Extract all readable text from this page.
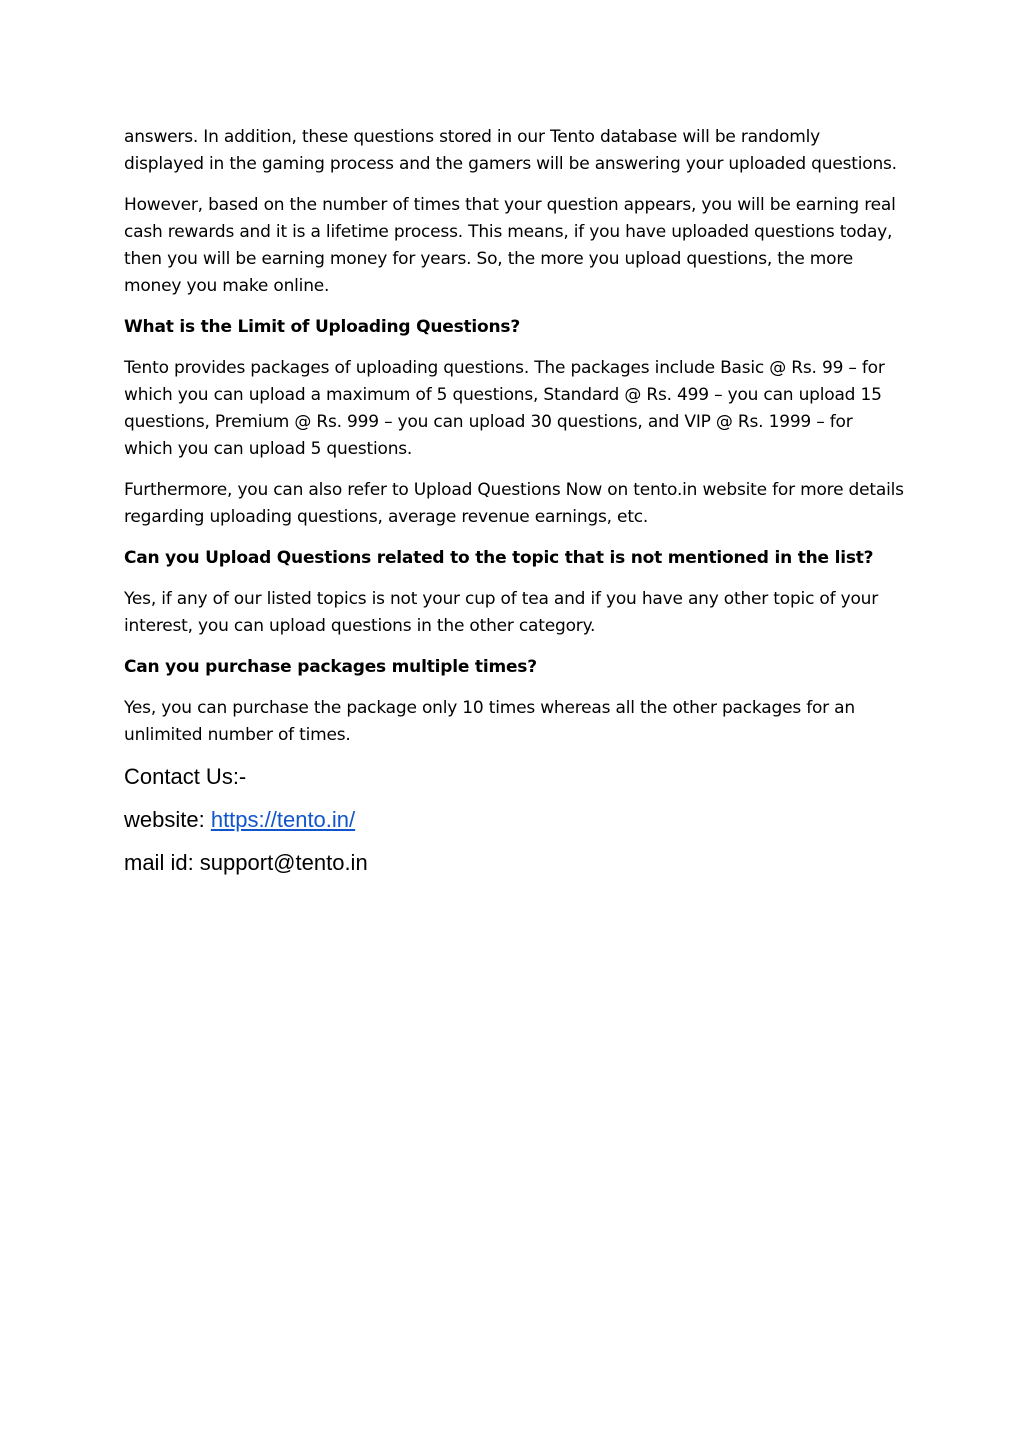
answers. In addition, these questions stored in our Tento database will be randomly displayed in the gaming process and the gamers will be answering your uploaded questions.

However, based on the number of times that your question appears, you will be earning real cash rewards and it is a lifetime process. This means, if you have uploaded questions today, then you will be earning money for years. So, the more you upload questions, the more money you make online.

What is the Limit of Uploading Questions?

Tento provides packages of uploading questions. The packages include Basic @ Rs. 99 – for which you can upload a maximum of 5 questions, Standard @ Rs. 499 – you can upload 15 questions, Premium @ Rs. 999 – you can upload 30 questions, and VIP @ Rs. 1999 – for which you can upload 5 questions.

Furthermore, you can also refer to Upload Questions Now on tento.in website for more details regarding uploading questions, average revenue earnings, etc.

Can you Upload Questions related to the topic that is not mentioned in the list?

Yes, if any of our listed topics is not your cup of tea and if you have any other topic of your interest, you can upload questions in the other category.

Can you purchase packages multiple times?

Yes, you can purchase the package only 10 times whereas all the other packages for an unlimited number of times.

Contact Us:-
website: https://tento.in/
mail id: support@tento.in
